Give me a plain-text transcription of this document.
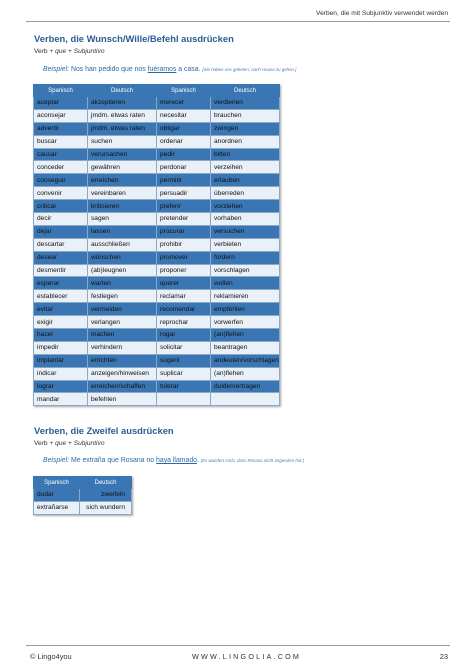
Verben, die mit Subjunktiv verwendet werden
Verben, die Wunsch/Wille/Befehl ausdrücken
Verb + que + Subjuntivo
Beispiel: Nos han pedido que nos fuéramos a casa. [Sie haben uns gebeten, nach Hause zu gehen.]
Spanisch	Deutsch	Spanisch	Deutsch
aceptar	akzeptieren	merecer	verdienen
aconsejar	jmdm. etwas raten	necesitar	brauchen
advertir	jmdm. etwas raten	obligar	zwingen
buscar	suchen	ordenar	anordnen
causar	verursachen	pedir	bitten
conceder	gewähren	perdonar	verzeihen
conseguir	erreichen	permitir	erlauben
convenir	vereinbaren	persuadir	überreden
criticar	kritisieren	preferir	vorziehen
decir	sagen	pretender	vorhaben
dejar	lassen	procurar	versuchen
descartar	ausschließen	prohibir	verbieten
desear	wünschen	promover	fördern
desmentir	(ab)leugnen	proponer	vorschlagen
esperar	warten	querer	wollen
establecer	festlegen	reclamar	reklamieren
evitar	vermeiden	recomendar	empfehlen
exigir	verlangen	reprochar	vorwerfen
hacer	machen	rogar	(an)flehen
impedir	verhindern	solicitar	beantragen
implantar	errichten	sugerir	andeuten/vorschlagen
indicar	anzeigen/hinweisen	suplicar	(an)flehen
lograr	erreichen/schaffen	tolerar	dulden/ertragen
mandar	befehlen		
Verben, die Zweifel ausdrücken
Verb + que + Subjuntivo
Beispiel: Me extraña que Rosana no haya llamado. [Es wundert mich, dass Rosana nicht angerufen hat.]
Spanisch	Deutsch
dudar	zweifeln
extrañarse	sich wundern
© Lingo4you	WWW.LINGOLIA.COM	23
